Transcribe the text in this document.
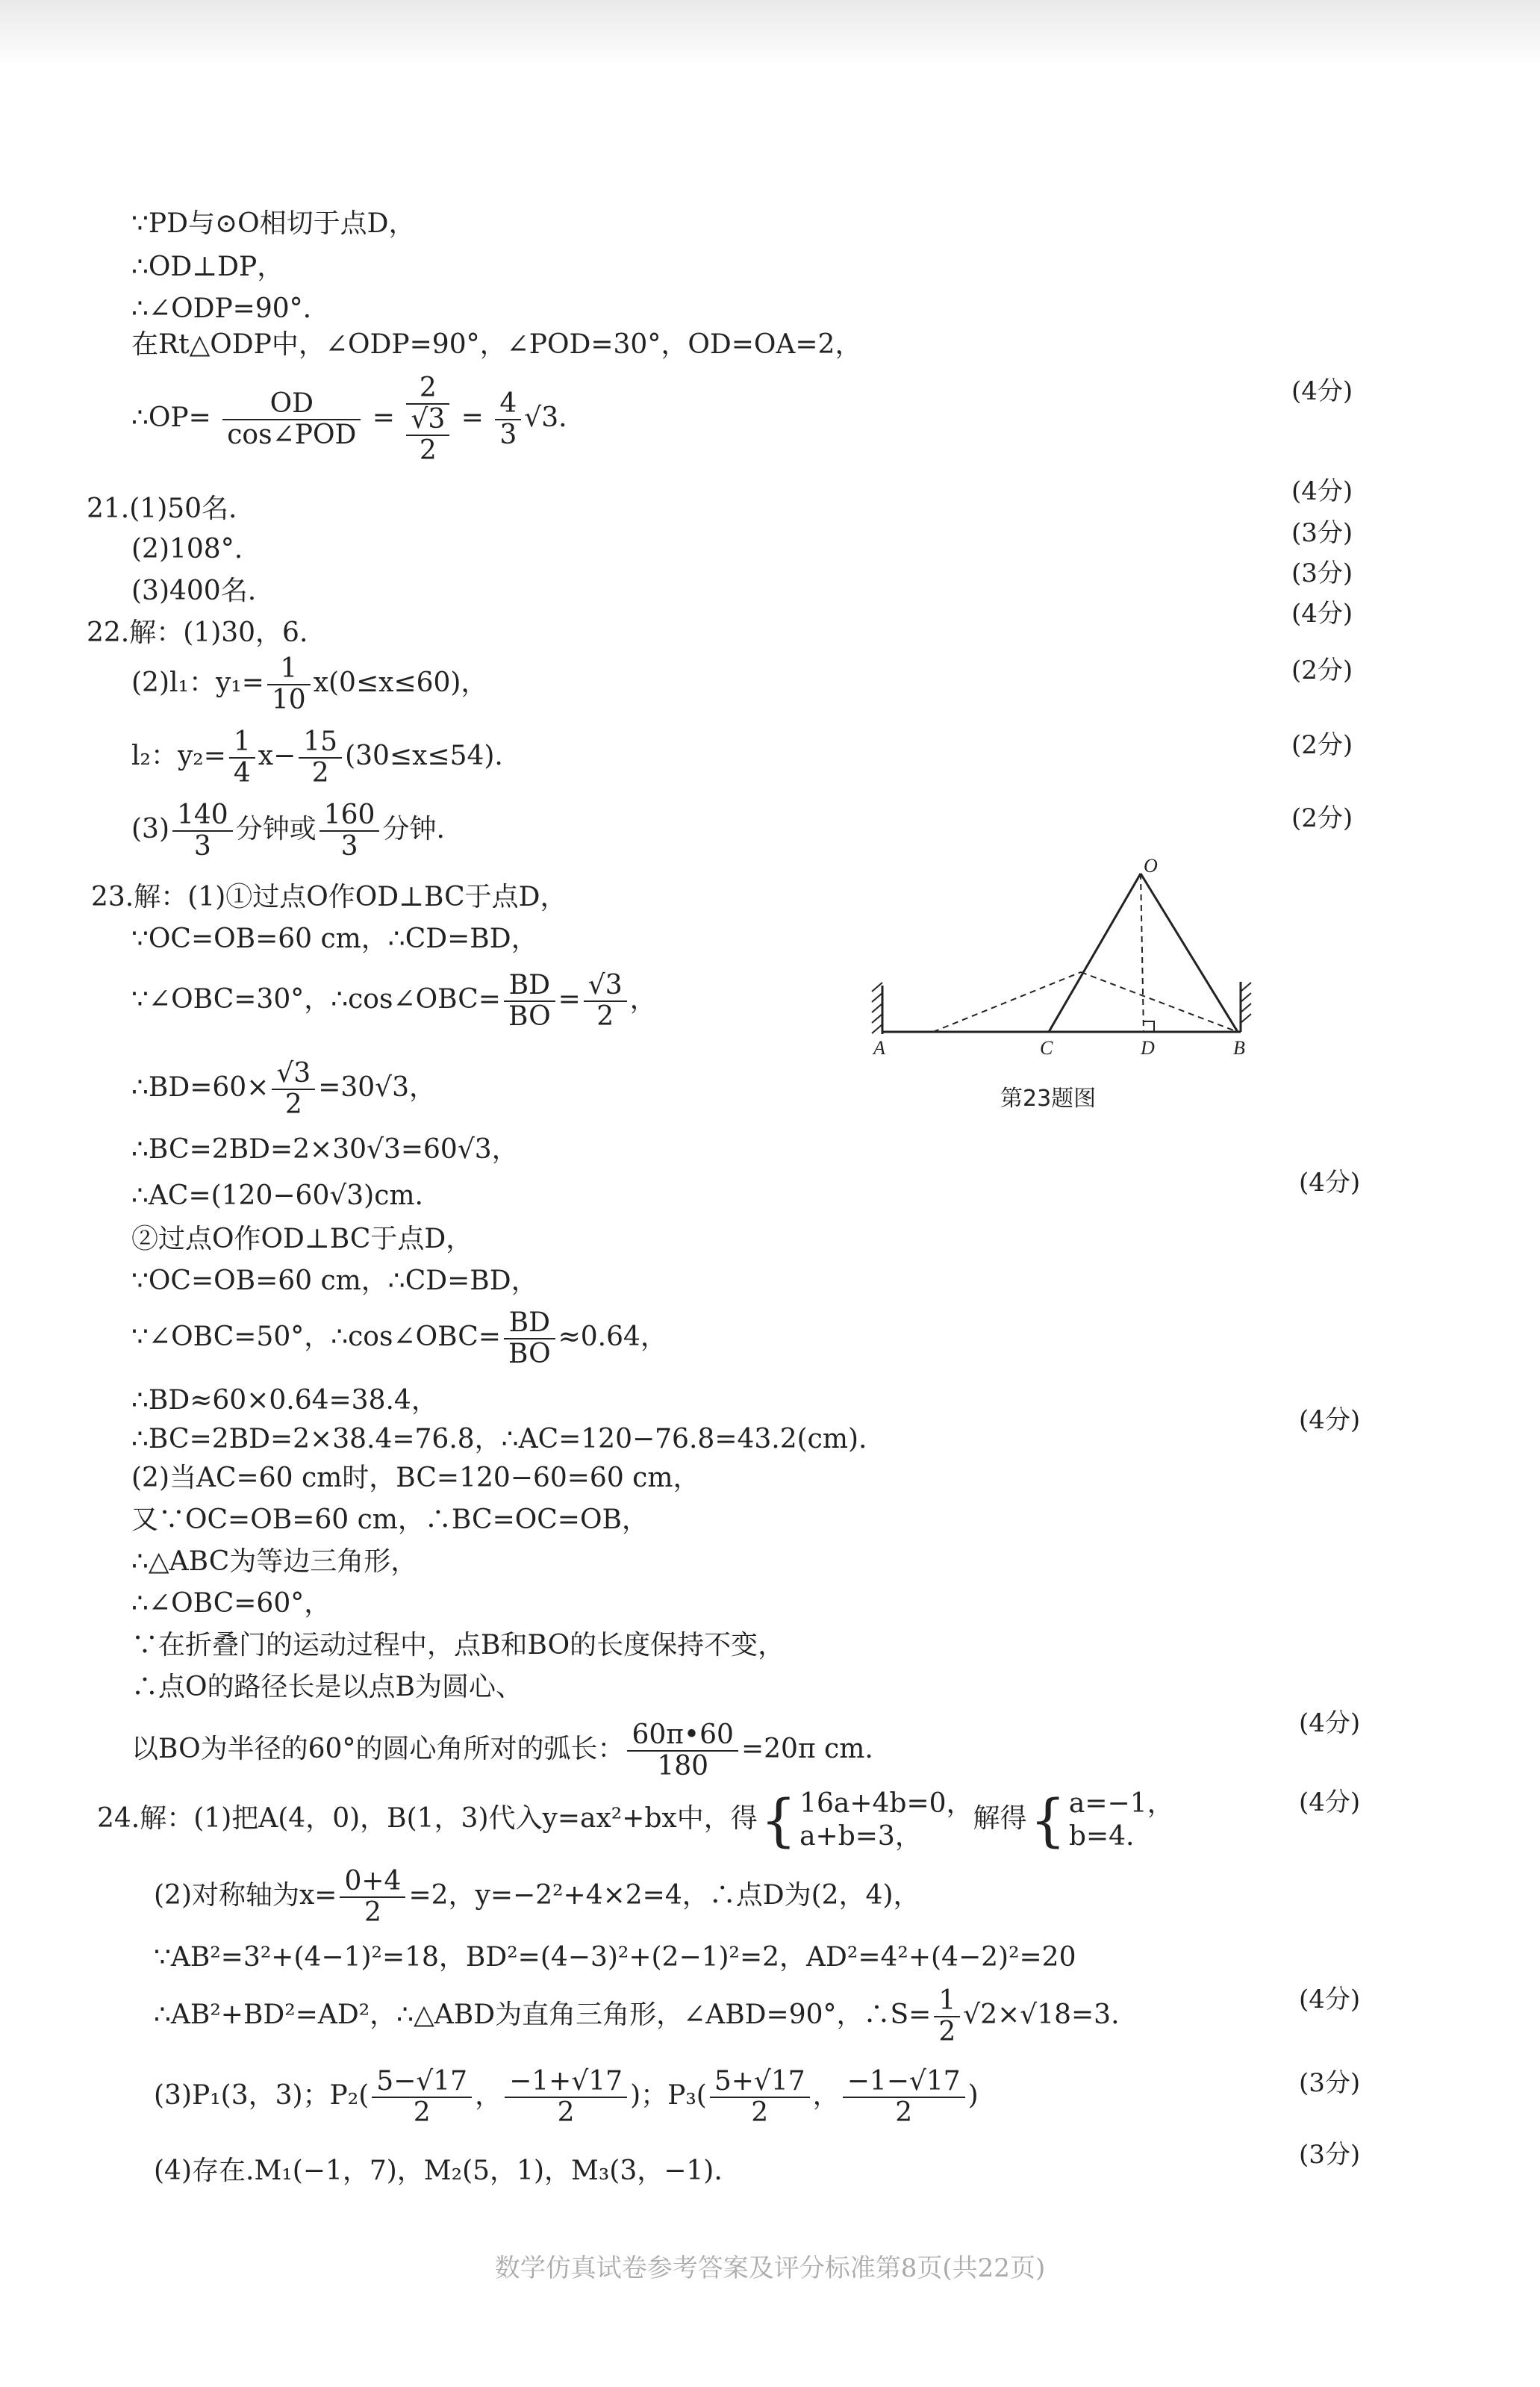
∵PD与⊙O相切于点D，
∴OD⊥DP，
∴∠ODP=90°.
在Rt△ODP中，∠ODP=90°，∠POD=30°，OD=OA=2，
∴OP= $\frac{OD}{\text{cos∠POD}}$ =
2
√3
2
= $\frac{4}{3} √3$.
(4分)
21.(1)50名.
(4分)
(2)108°.
(3分)
(3)400名.
(3分)
22.解：(1)30，6.
(4分)
(2)l₁：$y_1= \frac{1}{10} x(0\le x\le 60)$，	(2分)
l₂：$y_2= \frac{1}{4} x- \frac{15}{2} (30\le x\le 54)$.	(2分)
$(3) \frac{140}{3}$ 分钟或 $\frac{160}{3}$ 分钟.	(2分)
23.解：(1)①过点O作OD⊥BC于点D，
∵OC=OB=60 cm，∴CD=BD，
∵∠OBC=30°，∴cos∠OBC= $\frac{BD}{BO} = \frac{√3}{2}$ ，
∴BD=60× $\frac{√3}{2} =30√3$，
∴BC=2BD=2×30√3=60√3，
∴AC=(120−60√3)cm.	(4分)
②过点O作OD⊥BC于点D，
∵OC=OB=60 cm，∴CD=BD，
∵∠OBC=50°，∴cos∠OBC= $\frac{BD}{BO} \approx 0.64$，
∴BD≈60×0.64=38.4，
∴BC=2BD=2×38.4=76.8，∴AC=120−76.8=43.2(cm).
(4分)
(2)当AC=60 cm时，BC=120−60=60 cm，
又∵OC=OB=60 cm，∴BC=OC=OB，
∴△ABC为等边三角形，
∴∠OBC=60°，
∵在折叠门的运动过程中，点B和BO的长度保持不变，
∴点O的路径长是以点B为圆心、
以BO为半径的60°的圆心角所对的弧长： $\frac{60\pi•60}{180} =20\pi$ cm.
(4分)
O
A	C	D	B
第23题图
24.解：(1)把A(4，0)，B(1，3)代入y=ax²+bx中，得{ 16a+4b=0，
a+b=3，
解得{ a=−1，
b=4.
(4分)
(2)对称轴为$x= \frac{0+4}{2} =2$，y=−2²+4×2=4，∴点D为(2，4)，
∵AB²=3²+(4−1)²=18，BD²=(4−3)²+(2−1)²=2，AD²=4²+(4−2)²=20
∴AB²+BD²=AD²，∴△ABD为直角三角形，∠ABD=90°，∴S= $\frac{1}{2} √2\times√18=3$.	(4分)
(3)P₁(3，3)；$P_2( \frac{5-√17}{2}$ ， $\frac{-1+√17}{2}$ )；$P_3( \frac{5+√17}{2}$ ， $\frac{-1-√17}{2}$ )	(3分)
(4)存在.M₁(−1，7)，M₂(5，1)，M₃(3，−1).
(3分)
数学仿真试卷参考答案及评分标准第8页(共22页)
